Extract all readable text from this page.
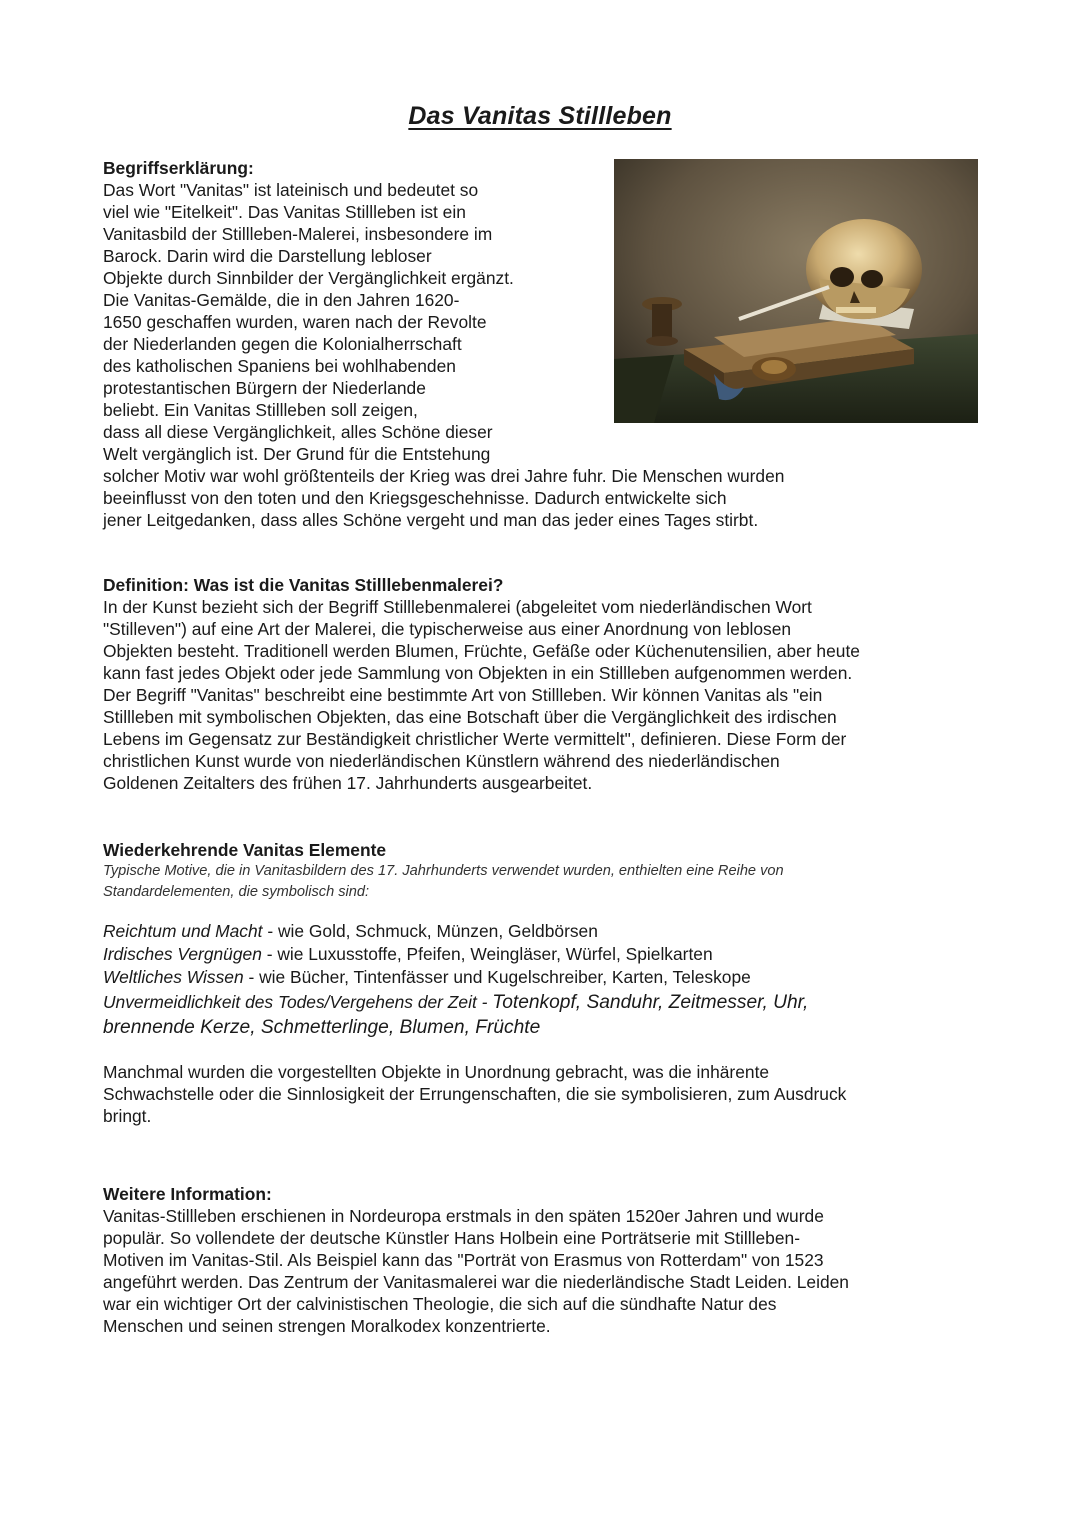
Das Vanitas Stillleben

Begriffserklärung:

Das Wort "Vanitas" ist lateinisch und bedeutet so
viel wie "Eitelkeit". Das Vanitas Stillleben ist ein
Vanitasbild der Stillleben-Malerei, insbesondere im
Barock. Darin wird die Darstellung lebloser
Objekte durch Sinnbilder der Vergänglichkeit ergänzt.
Die Vanitas-Gemälde, die in den Jahren 1620-
1650 geschaffen wurden, waren nach der Revolte
der Niederlanden gegen die Kolonialherrschaft
des katholischen Spaniens bei wohlhabenden
protestantischen Bürgern der Niederlande
beliebt. Ein Vanitas Stillleben soll zeigen,
dass all diese Vergänglichkeit, alles Schöne dieser
Welt vergänglich ist. Der Grund für die Entstehung
solcher Motiv war wohl größtenteils der Krieg was drei Jahre fuhr. Die Menschen wurden
beeinflusst von den toten und den Kriegsgeschehnisse. Dadurch entwickelte sich
jener Leitgedanken, dass alles Schöne vergeht und man das jeder eines Tages stirbt.

Definition: Was ist die Vanitas Stilllebenmalerei?

In der Kunst bezieht sich der Begriff Stilllebenmalerei (abgeleitet vom niederländischen Wort
"Stilleven") auf eine Art der Malerei, die typischerweise aus einer Anordnung von leblosen
Objekten besteht. Traditionell werden Blumen, Früchte, Gefäße oder Küchenutensilien, aber heute
kann fast jedes Objekt oder jede Sammlung von Objekten in ein Stillleben aufgenommen werden.
Der Begriff "Vanitas" beschreibt eine bestimmte Art von Stillleben. Wir können Vanitas als "ein
Stillleben mit symbolischen Objekten, das eine Botschaft über die Vergänglichkeit des irdischen
Lebens im Gegensatz zur Beständigkeit christlicher Werte vermittelt", definieren. Diese Form der
christlichen Kunst wurde von niederländischen Künstlern während des niederländischen
Goldenen Zeitalters des frühen 17. Jahrhunderts ausgearbeitet.

Wiederkehrende Vanitas Elemente

Typische Motive, die in Vanitasbildern des 17. Jahrhunderts verwendet wurden, enthielten eine Reihe von
Standardelementen, die symbolisch sind:
Reichtum und Macht - wie Gold, Schmuck, Münzen, Geldbörsen
Irdisches Vergnügen - wie Luxusstoffe, Pfeifen, Weingläser, Würfel, Spielkarten
Weltliches Wissen - wie Bücher, Tintenfässer und Kugelschreiber, Karten, Teleskope
Unvermeidlichkeit des Todes/Vergehens der Zeit - Totenkopf, Sanduhr, Zeitmesser, Uhr,
brennende Kerze, Schmetterlinge, Blumen, Früchte
Manchmal wurden die vorgestellten Objekte in Unordnung gebracht, was die inhärente
Schwachstelle oder die Sinnlosigkeit der Errungenschaften, die sie symbolisieren, zum Ausdruck
bringt.

Weitere Information:

Vanitas-Stillleben erschienen in Nordeuropa erstmals in den späten 1520er Jahren und wurde
populär. So vollendete der deutsche Künstler Hans Holbein eine Porträtserie mit Stillleben-
Motiven im Vanitas-Stil. Als Beispiel kann das "Porträt von Erasmus von Rotterdam" von 1523
angeführt werden. Das Zentrum der Vanitasmalerei war die niederländische Stadt Leiden. Leiden
war ein wichtiger Ort der calvinistischen Theologie, die sich auf die sündhafte Natur des
Menschen und seinen strengen Moralkodex konzentrierte.
